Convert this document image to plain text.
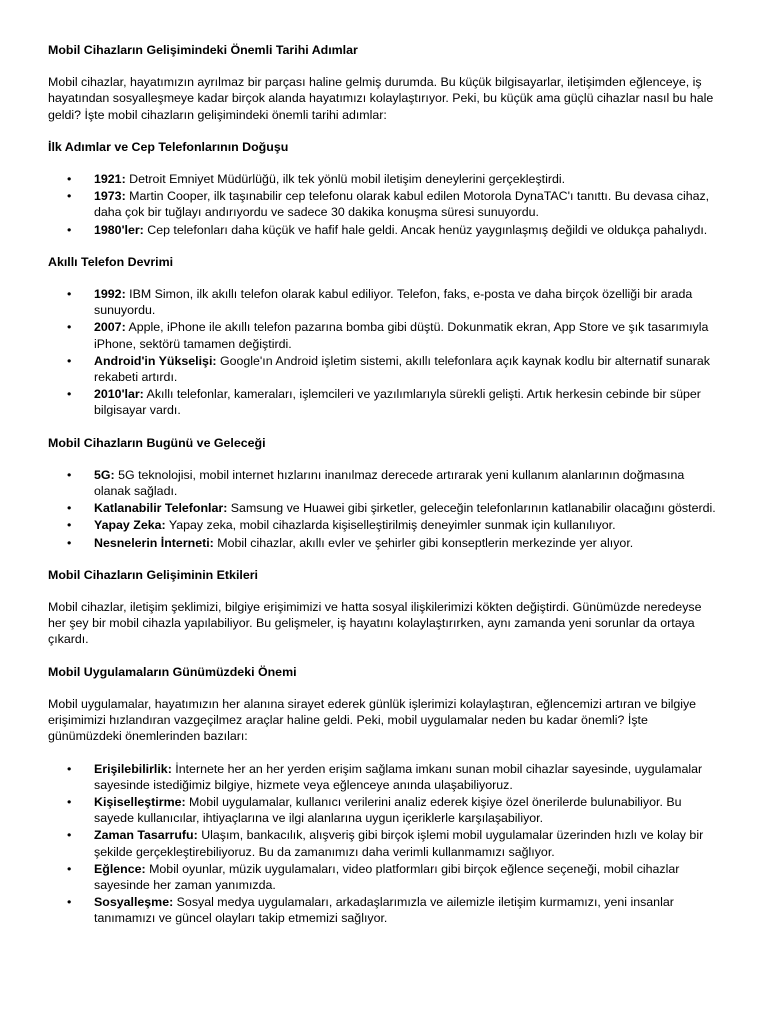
Mobil Cihazların Gelişimindeki Önemli Tarihi Adımlar

Mobil cihazlar, hayatımızın ayrılmaz bir parçası haline gelmiş durumda. Bu küçük bilgisayarlar, iletişimden eğlenceye, iş hayatından sosyalleşmeye kadar birçok alanda hayatımızı kolaylaştırıyor. Peki, bu küçük ama güçlü cihazlar nasıl bu hale geldi? İşte mobil cihazların gelişimindeki önemli tarihi adımlar:

İlk Adımlar ve Cep Telefonlarının Doğuşu
• 1921: Detroit Emniyet Müdürlüğü, ilk tek yönlü mobil iletişim deneylerini gerçekleştirdi.
• 1973: Martin Cooper, ilk taşınabilir cep telefonu olarak kabul edilen Motorola DynaTAC'ı tanıttı. Bu devasa cihaz, daha çok bir tuğlayı andırıyordu ve sadece 30 dakika konuşma süresi sunuyordu.
• 1980'ler: Cep telefonları daha küçük ve hafif hale geldi. Ancak henüz yaygınlaşmış değildi ve oldukça pahalıydı.
Akıllı Telefon Devrimi
• 1992: IBM Simon, ilk akıllı telefon olarak kabul ediliyor. Telefon, faks, e-posta ve daha birçok özelliği bir arada sunuyordu.
• 2007: Apple, iPhone ile akıllı telefon pazarına bomba gibi düştü. Dokunmatik ekran, App Store ve şık tasarımıyla iPhone, sektörü tamamen değiştirdi.
• Android'in Yükselişi: Google'ın Android işletim sistemi, akıllı telefonlara açık kaynak kodlu bir alternatif sunarak rekabeti artırdı.
• 2010'lar: Akıllı telefonlar, kameraları, işlemcileri ve yazılımlarıyla sürekli gelişti. Artık herkesin cebinde bir süper bilgisayar vardı.
Mobil Cihazların Bugünü ve Geleceği
• 5G: 5G teknolojisi, mobil internet hızlarını inanılmaz derecede artırarak yeni kullanım alanlarının doğmasına olanak sağladı.
• Katlanabilir Telefonlar: Samsung ve Huawei gibi şirketler, geleceğin telefonlarının katlanabilir olacağını gösterdi.
• Yapay Zeka: Yapay zeka, mobil cihazlarda kişiselleştirilmiş deneyimler sunmak için kullanılıyor.
• Nesnelerin İnterneti: Mobil cihazlar, akıllı evler ve şehirler gibi konseptlerin merkezinde yer alıyor.
Mobil Cihazların Gelişiminin Etkileri

Mobil cihazlar, iletişim şeklimizi, bilgiye erişimimizi ve hatta sosyal ilişkilerimizi kökten değiştirdi. Günümüzde neredeyse her şey bir mobil cihazla yapılabiliyor. Bu gelişmeler, iş hayatını kolaylaştırırken, aynı zamanda yeni sorunlar da ortaya çıkardı.

Mobil Uygulamaların Günümüzdeki Önemi

Mobil uygulamalar, hayatımızın her alanına sirayet ederek günlük işlerimizi kolaylaştıran, eğlencemizi artıran ve bilgiye erişimimizi hızlandıran vazgeçilmez araçlar haline geldi. Peki, mobil uygulamalar neden bu kadar önemli? İşte günümüzdeki önemlerinden bazıları:

• Erişilebilirlik: İnternete her an her yerden erişim sağlama imkanı sunan mobil cihazlar sayesinde, uygulamalar sayesinde istediğimiz bilgiye, hizmete veya eğlenceye anında ulaşabiliyoruz.
• Kişiselleştirme: Mobil uygulamalar, kullanıcı verilerini analiz ederek kişiye özel önerilerde bulunabiliyor. Bu sayede kullanıcılar, ihtiyaçlarına ve ilgi alanlarına uygun içeriklerle karşılaşabiliyor.
• Zaman Tasarrufu: Ulaşım, bankacılık, alışveriş gibi birçok işlemi mobil uygulamalar üzerinden hızlı ve kolay bir şekilde gerçekleştirebiliyoruz. Bu da zamanımızı daha verimli kullanmamızı sağlıyor.
• Eğlence: Mobil oyunlar, müzik uygulamaları, video platformları gibi birçok eğlence seçeneği, mobil cihazlar sayesinde her zaman yanımızda.
• Sosyalleşme: Sosyal medya uygulamaları, arkadaşlarımızla ve ailemizle iletişim kurmamızı, yeni insanlar tanımamızı ve güncel olayları takip etmemizi sağlıyor.
